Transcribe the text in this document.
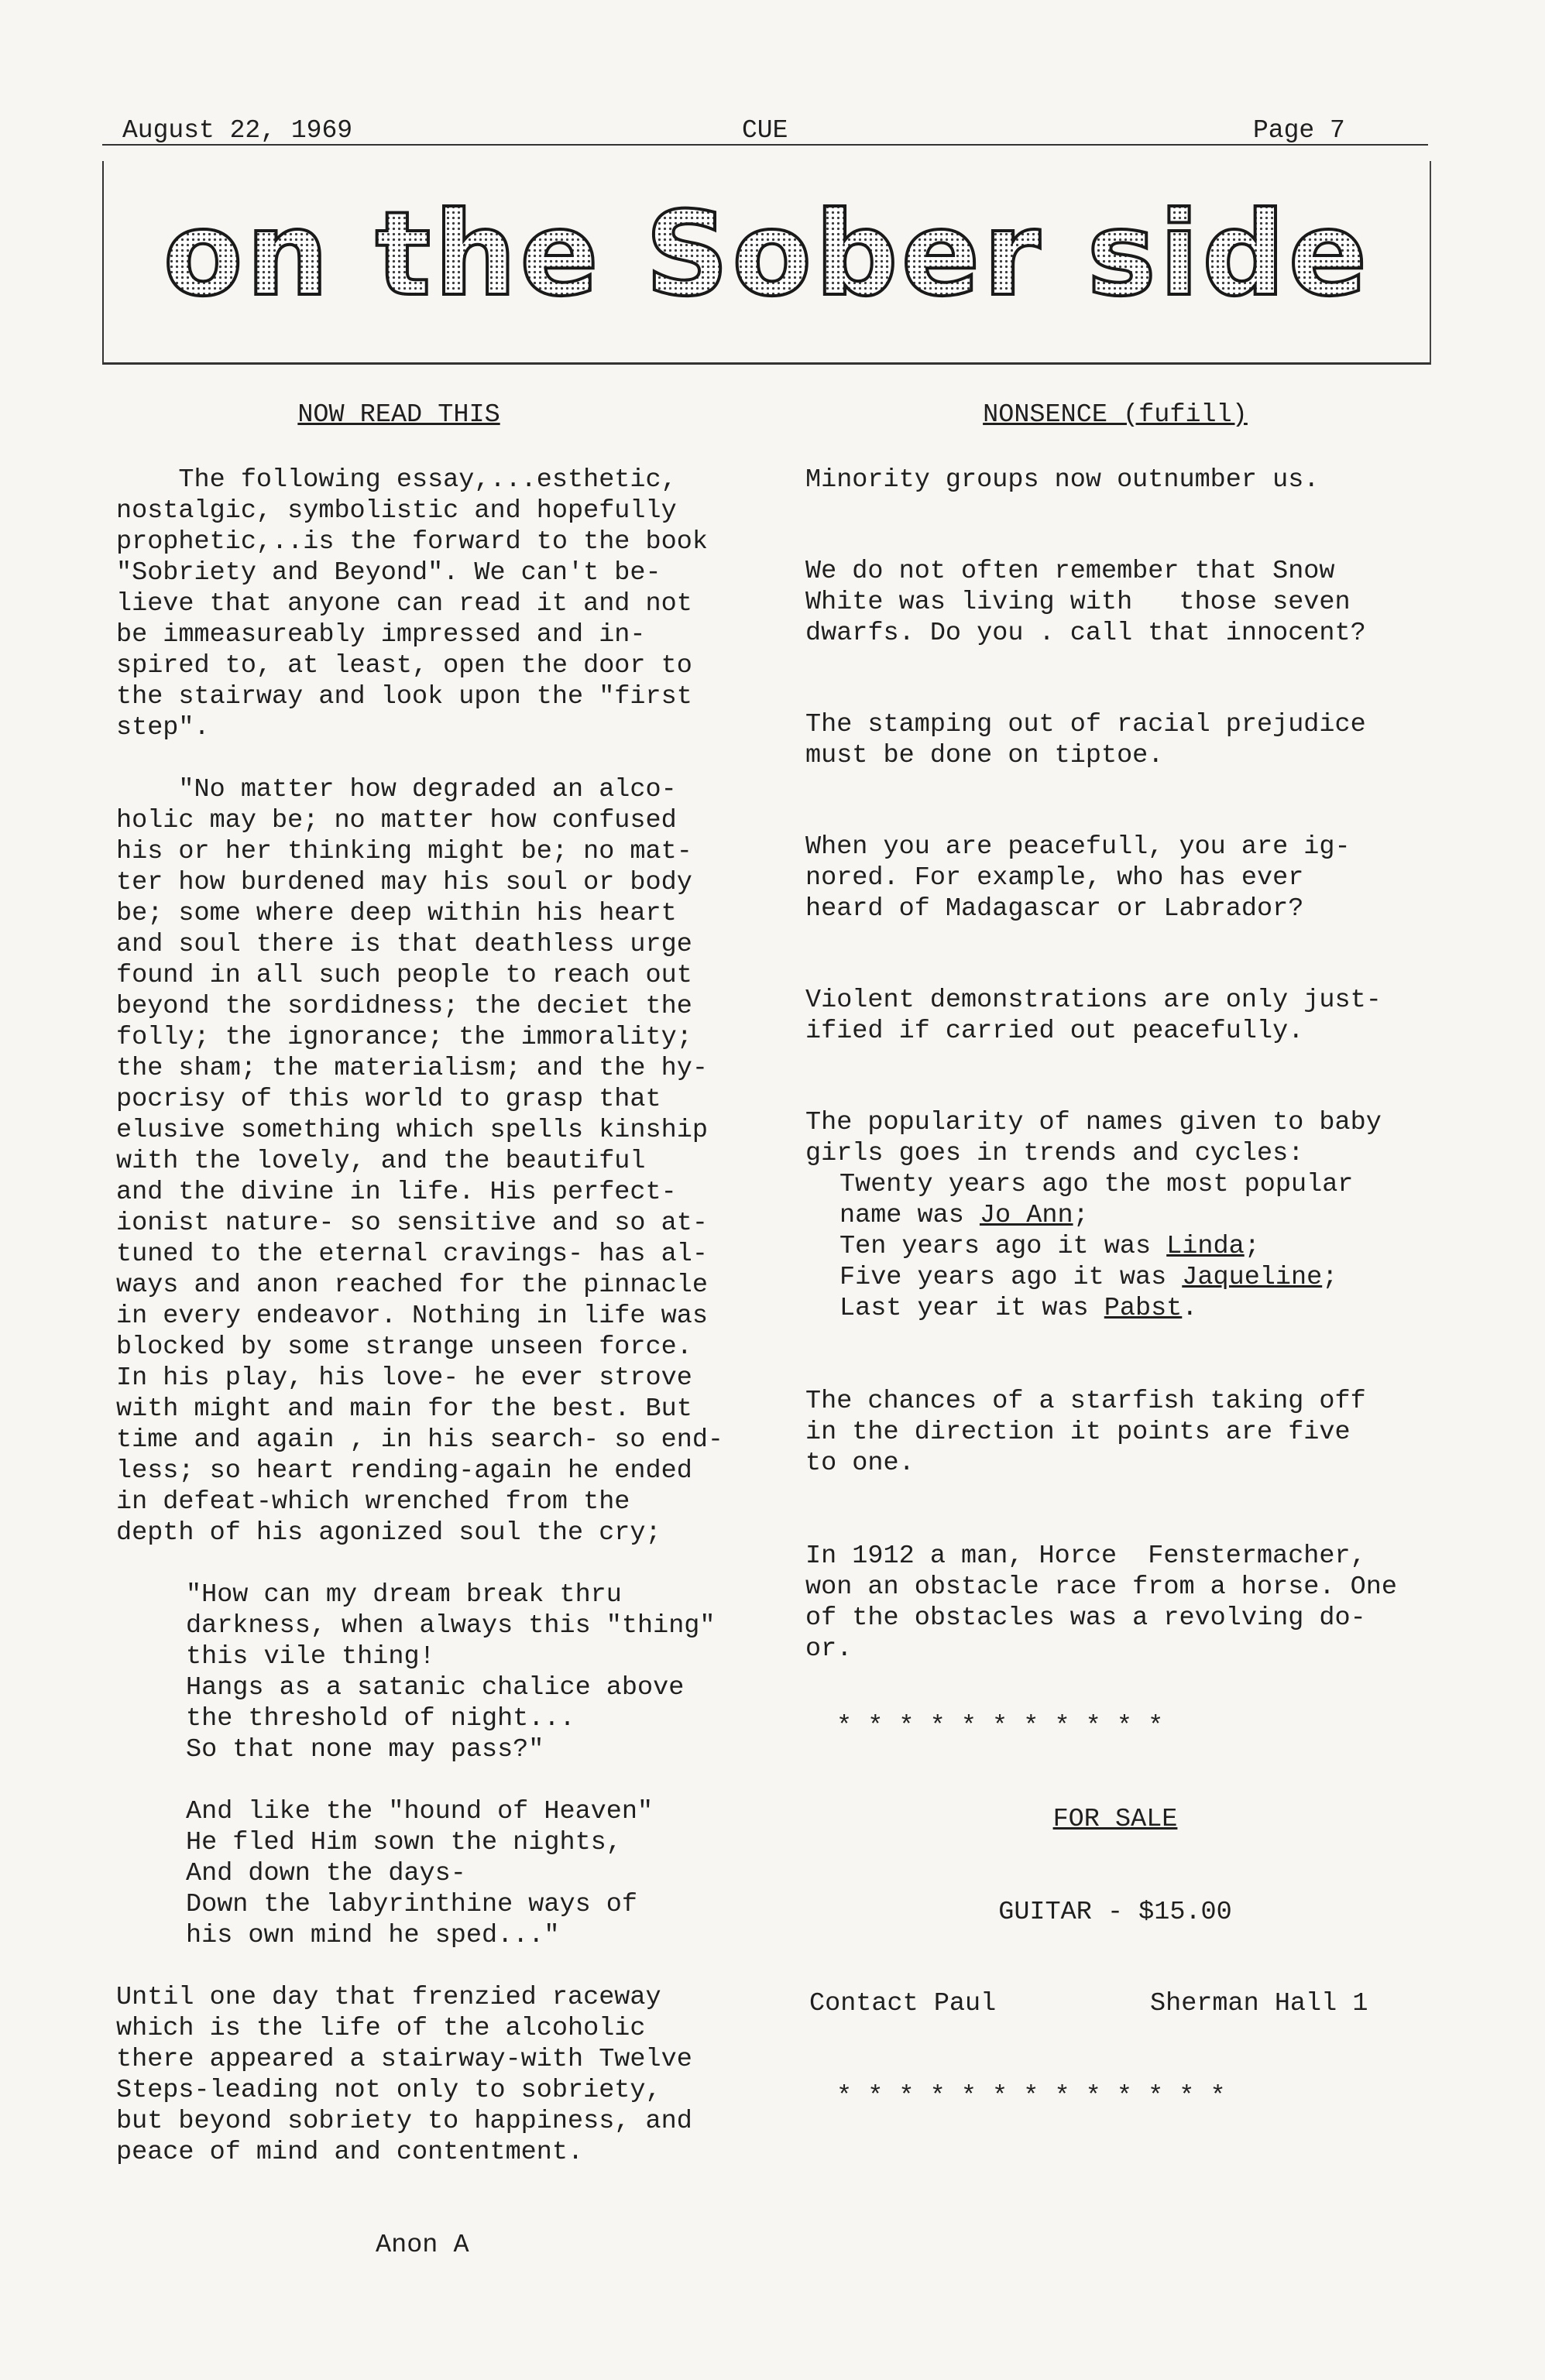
August 22, 1969	CUE	Page 7
on the Sober side

NOW READ THIS

The following essay,...esthetic,

nostalgic, symbolistic and hopefully

prophetic,..is the forward to the book

"Sobriety and Beyond". We can't be-

lieve that anyone can read it and not

be immeasureably impressed and in-

spired to, at least, open the door to

the stairway and look upon the "first

step".

"No matter how degraded an alco-

holic may be; no matter how confused

his or her thinking might be; no mat-

ter how burdened may his soul or body

be; some where deep within his heart

and soul there is that deathless urge

found in all such people to reach out

beyond the sordidness; the deciet the

folly; the ignorance; the immorality;

the sham; the materialism; and the hy-

pocrisy of this world to grasp that

elusive something which spells kinship

with the lovely, and the beautiful

and the divine in life. His perfect-

ionist nature- so sensitive and so at-

tuned to the eternal cravings- has al-

ways and anon reached for the pinnacle

in every endeavor. Nothing in life was

blocked by some strange unseen force.

In his play, his love- he ever strove

with might and main for the best. But

time and again , in his search- so end-

less; so heart rending-again he ended

in defeat-which wrenched from the

depth of his agonized soul the cry;

"How can my dream break thru

darkness, when always this "thing"

this vile thing!

Hangs as a satanic chalice above

the threshold of night...

So that none may pass?"

And like the "hound of Heaven"

He fled Him sown the nights,

And down the days-

Down the labyrinthine ways of

his own mind he sped..."

Until one day that frenzied raceway

which is the life of the alcoholic

there appeared a stairway-with Twelve

Steps-leading not only to sobriety,

but beyond sobriety to happiness, and

peace of mind and contentment.

Anon A

NONSENCE (fufill)

Minority groups now outnumber us.

We do not often remember that Snow

White was living with   those seven

dwarfs. Do you . call that innocent?

The stamping out of racial prejudice

must be done on tiptoe.

When you are peacefull, you are ig-

nored. For example, who has ever

heard of Madagascar or Labrador?

Violent demonstrations are only just-

ified if carried out peacefully.

The popularity of names given to baby

girls goes in trends and cycles:

Twenty years ago the most popular

name was Jo Ann;

Ten years ago it was Linda;

Five years ago it was Jaqueline;

Last year it was Pabst.

The chances of a starfish taking off

in the direction it points are five

to one.

In 1912 a man, Horce  Fenstermacher,

won an obstacle race from a horse. One

of the obstacles was a revolving do-

or.

* * * * * * * * * * *

FOR SALE

GUITAR - $15.00

Contact Paul	Sherman Hall 1

* * * * * * * * * * * * *
